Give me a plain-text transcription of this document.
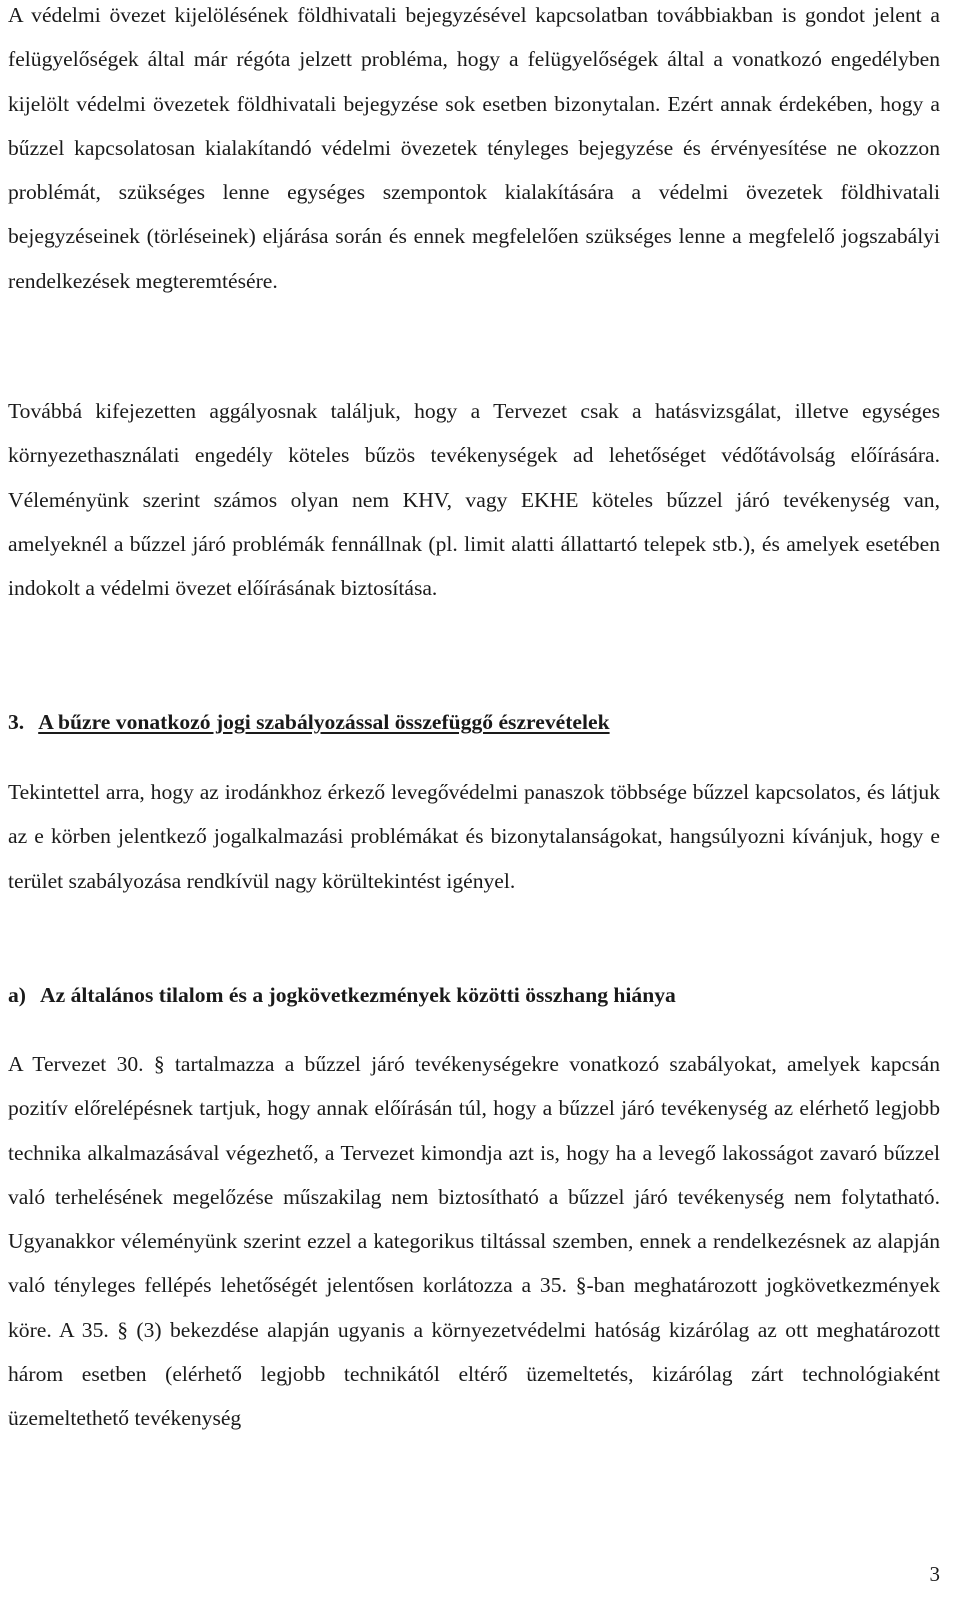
A védelmi övezet kijelölésének földhivatali bejegyzésével kapcsolatban továbbiakban is gondot jelent a felügyelőségek által már régóta jelzett probléma, hogy a felügyelőségek által a vonatkozó engedélyben kijelölt védelmi övezetek földhivatali bejegyzése sok esetben bizonytalan. Ezért annak érdekében, hogy a bűzzel kapcsolatosan kialakítandó védelmi övezetek tényleges bejegyzése és érvényesítése ne okozzon problémát, szükséges lenne egységes szempontok kialakítására a védelmi övezetek földhivatali bejegyzéseinek (törléseinek) eljárása során és ennek megfelelően szükséges lenne a megfelelő jogszabályi rendelkezések megteremtésére.

Továbbá kifejezetten aggályosnak találjuk, hogy a Tervezet csak a hatásvizsgálat, illetve egységes környezethasználati engedély köteles bűzös tevékenységek ad lehetőséget védőtávolság előírására. Véleményünk szerint számos olyan nem KHV, vagy EKHE köteles bűzzel járó tevékenység van, amelyeknél a bűzzel járó problémák fennállnak (pl. limit alatti állattartó telepek stb.), és amelyek esetében indokolt a védelmi övezet előírásának biztosítása.

3. A bűzre vonatkozó jogi szabályozással összefüggő észrevételek

Tekintettel arra, hogy az irodánkhoz érkező levegővédelmi panaszok többsége bűzzel kapcsolatos, és látjuk az e körben jelentkező jogalkalmazási problémákat és bizonytalanságokat, hangsúlyozni kívánjuk, hogy e terület szabályozása rendkívül nagy körültekintést igényel.

a) Az általános tilalom és a jogkövetkezmények közötti összhang hiánya

A Tervezet 30. § tartalmazza a bűzzel járó tevékenységekre vonatkozó szabályokat, amelyek kapcsán pozitív előrelépésnek tartjuk, hogy annak előírásán túl, hogy a bűzzel járó tevékenység az elérhető legjobb technika alkalmazásával végezhető, a Tervezet kimondja azt is, hogy ha a levegő lakosságot zavaró bűzzel való terhelésének megelőzése műszakilag nem biztosítható a bűzzel járó tevékenység nem folytatható. Ugyanakkor véleményünk szerint ezzel a kategorikus tiltással szemben, ennek a rendelkezésnek az alapján való tényleges fellépés lehetőségét jelentősen korlátozza a 35. §-ban meghatározott jogkövetkezmények köre. A 35. § (3) bekezdése alapján ugyanis a környezetvédelmi hatóság kizárólag az ott meghatározott három esetben (elérhető legjobb technikától eltérő üzemeltetés, kizárólag zárt technológiaként üzemeltethető tevékenység

3
